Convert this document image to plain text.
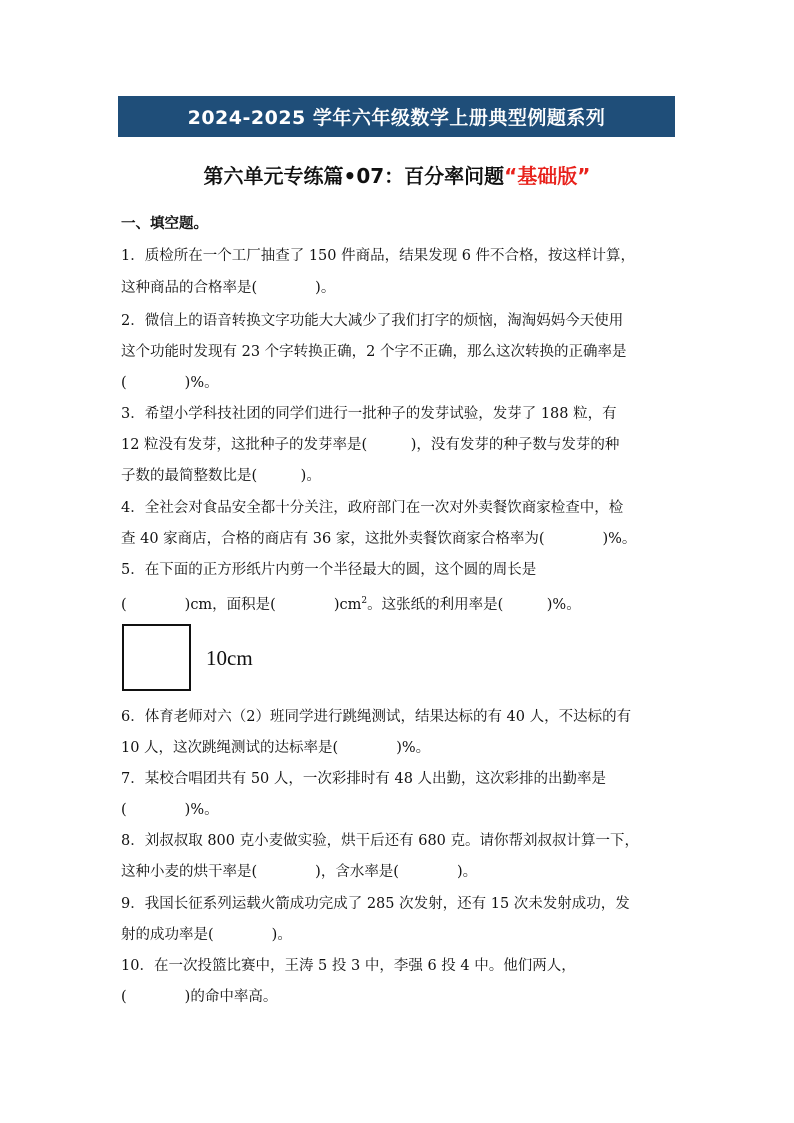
2024-2025 学年六年级数学上册典型例题系列
第六单元专练篇•07：百分率问题“基础版”
一、填空题。
1．质检所在一个工厂抽查了 150 件商品，结果发现 6 件不合格，按这样计算，
这种商品的合格率是(　　　　)。
2．微信上的语音转换文字功能大大减少了我们打字的烦恼，淘淘妈妈今天使用
这个功能时发现有 23 个字转换正确，2 个字不正确，那么这次转换的正确率是
(　　　　)%。
3．希望小学科技社团的同学们进行一批种子的发芽试验，发芽了 188 粒，有
12 粒没有发芽，这批种子的发芽率是(　　　)，没有发芽的种子数与发芽的种
子数的最简整数比是(　　　)。
4．全社会对食品安全都十分关注，政府部门在一次对外卖餐饮商家检查中，检
查 40 家商店，合格的商店有 36 家，这批外卖餐饮商家合格率为(　　　　)%。
5．在下面的正方形纸片内剪一个半径最大的圆，这个圆的周长是
(　　　　)cm，面积是(　　　　)$cm^2$。这张纸的利用率是(　　　)%。
10cm
6．体育老师对六（2）班同学进行跳绳测试，结果达标的有 40 人，不达标的有
10 人，这次跳绳测试的达标率是(　　　　)%。
7．某校合唱团共有 50 人，一次彩排时有 48 人出勤，这次彩排的出勤率是
(　　　　)%。
8．刘叔叔取 800 克小麦做实验，烘干后还有 680 克。请你帮刘叔叔计算一下，
这种小麦的烘干率是(　　　　)，含水率是(　　　　)。
9．我国长征系列运载火箭成功完成了 285 次发射，还有 15 次未发射成功，发
射的成功率是(　　　　)。
10．在一次投篮比赛中，王涛 5 投 3 中，李强 6 投 4 中。他们两人，
(　　　　)的命中率高。
